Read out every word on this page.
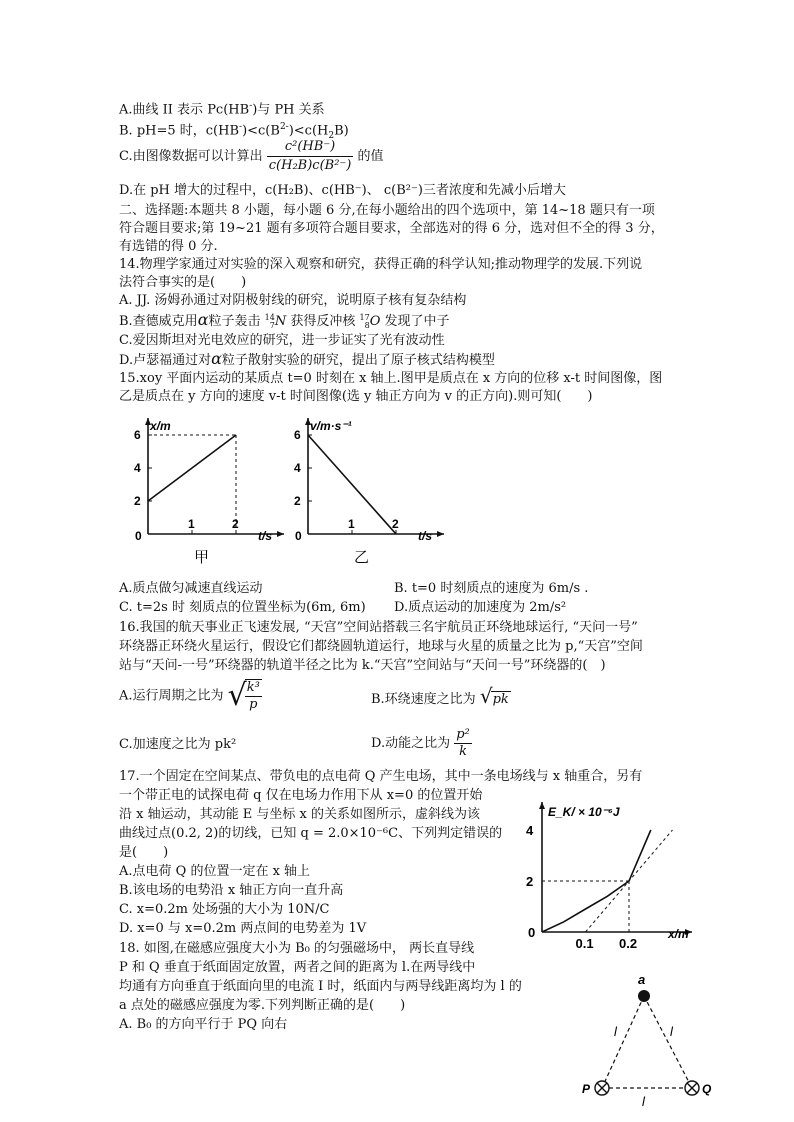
A.曲线 II 表示 Pc(HB-)与 PH 关系
B. pH=5 时，$c(HB^-)<c(B^{2-})<c(H_2B)$
C.由图像数据可以计算出 $\frac{\text{c²(HB⁻)}}{\text{c(H₂B)c(B²⁻)}}$ 的值
D.在 pH 增大的过程中，c(H₂B)、c(HB⁻)、 c(B²⁻)三者浓度和先减小后增大
二、选择题:本题共 8 小题，每小题 6 分,在每小题给出的四个选项中，第 14~18 题只有一项
符合题目要求;第 19~21 题有多项符合题目要求，全部选对的得 6 分，选对但不全的得 3 分，
有选错的得 0 分.
14.物理学家通过对实验的深入观察和研究，获得正确的科学认知;推动物理学的发展.下列说
法符合事实的是(　　)
A. JJ. 汤姆孙通过对阴极射线的研究，说明原子核有复杂结构
B.查德威克用α粒子轰击 14
7 N 获得反冲核 17
8 O 发现了中子
C.爱因斯坦对光电效应的研究，进一步证实了光有波动性
D.卢瑟福通过对α粒子散射实验的研究，提出了原子核式结构模型
15.xoy 平面内运动的某质点 t=0 时刻在 x 轴上.图甲是质点在 x 方向的位移 x-t 时间图像，图
乙是质点在 y 方向的速度 v-t 时间图像(选 y 轴正方向为 v 的正方向).则可知(　　)
x/m
t/s
0
2
4
6
1	2
甲
v/m·s⁻¹
t/s
0
2
4
6
1	2
乙
A.质点做匀减速直线运动	B. t=0 时刻质点的速度为 6m/s .
C. t=2s 时 刻质点的位置坐标为(6m, 6m) D.质点运动的加速度为 2m/s²
16.我国的航天事业正飞速发展, “天宫”空间站搭载三名宇航员正环绕地球运行, “天问一号”
环绕器正环绕火星运行，假设它们都绕圆轨道运行，地球与火星的质量之比为 p,“天宫”空间
站与“天问-一号”环绕器的轨道半径之比为 k.“天宫”空间站与“天问一号”环绕器的(　)
A.运行周期之比为 √
$\frac{\text{k³}}{p}$	B.环绕速度之比为 √pk
C.加速度之比为 pk²	D.动能之比为 $\frac{\text{p²}}{k}$
17.一个固定在空间某点、带负电的点电荷 Q 产生电场，其中一条电场线与 x 轴重合，另有
一个带正电的试探电荷 q 仅在电场力作用下从 x=0 的位置开始
沿 x 轴运动，其动能 E 与坐标 x 的关系如图所示，虚斜线为该
曲线过点(0.2, 2)的切线，已知 q = 2.0×10⁻⁶C、下列判定错误的
是(　　)
A.点电荷 Q 的位置一定在 x 轴上
B.该电场的电势沿 x 轴正方向一直升高
C. x=0.2m 处场强的大小为 10N/C
D. x=0 与 x=0.2m 两点间的电势差为 1V
E_K/ × 10⁻⁶J
x/m
0
2
4
0.1 0.2
18. 如图,在磁感应强度大小为 B₀ 的匀强磁场中， 两长直导线
P 和 Q 垂直于纸面固定放置，两者之间的距离为 l.在两导线中
均通有方向垂直于纸面向里的电流 I 时，纸面内与两导线距离均为 l 的
a 点处的磁感应强度为零.下列判断正确的是(　　)
A. B₀ 的方向平行于 PQ 向右
a
l	l
l
P	Q
